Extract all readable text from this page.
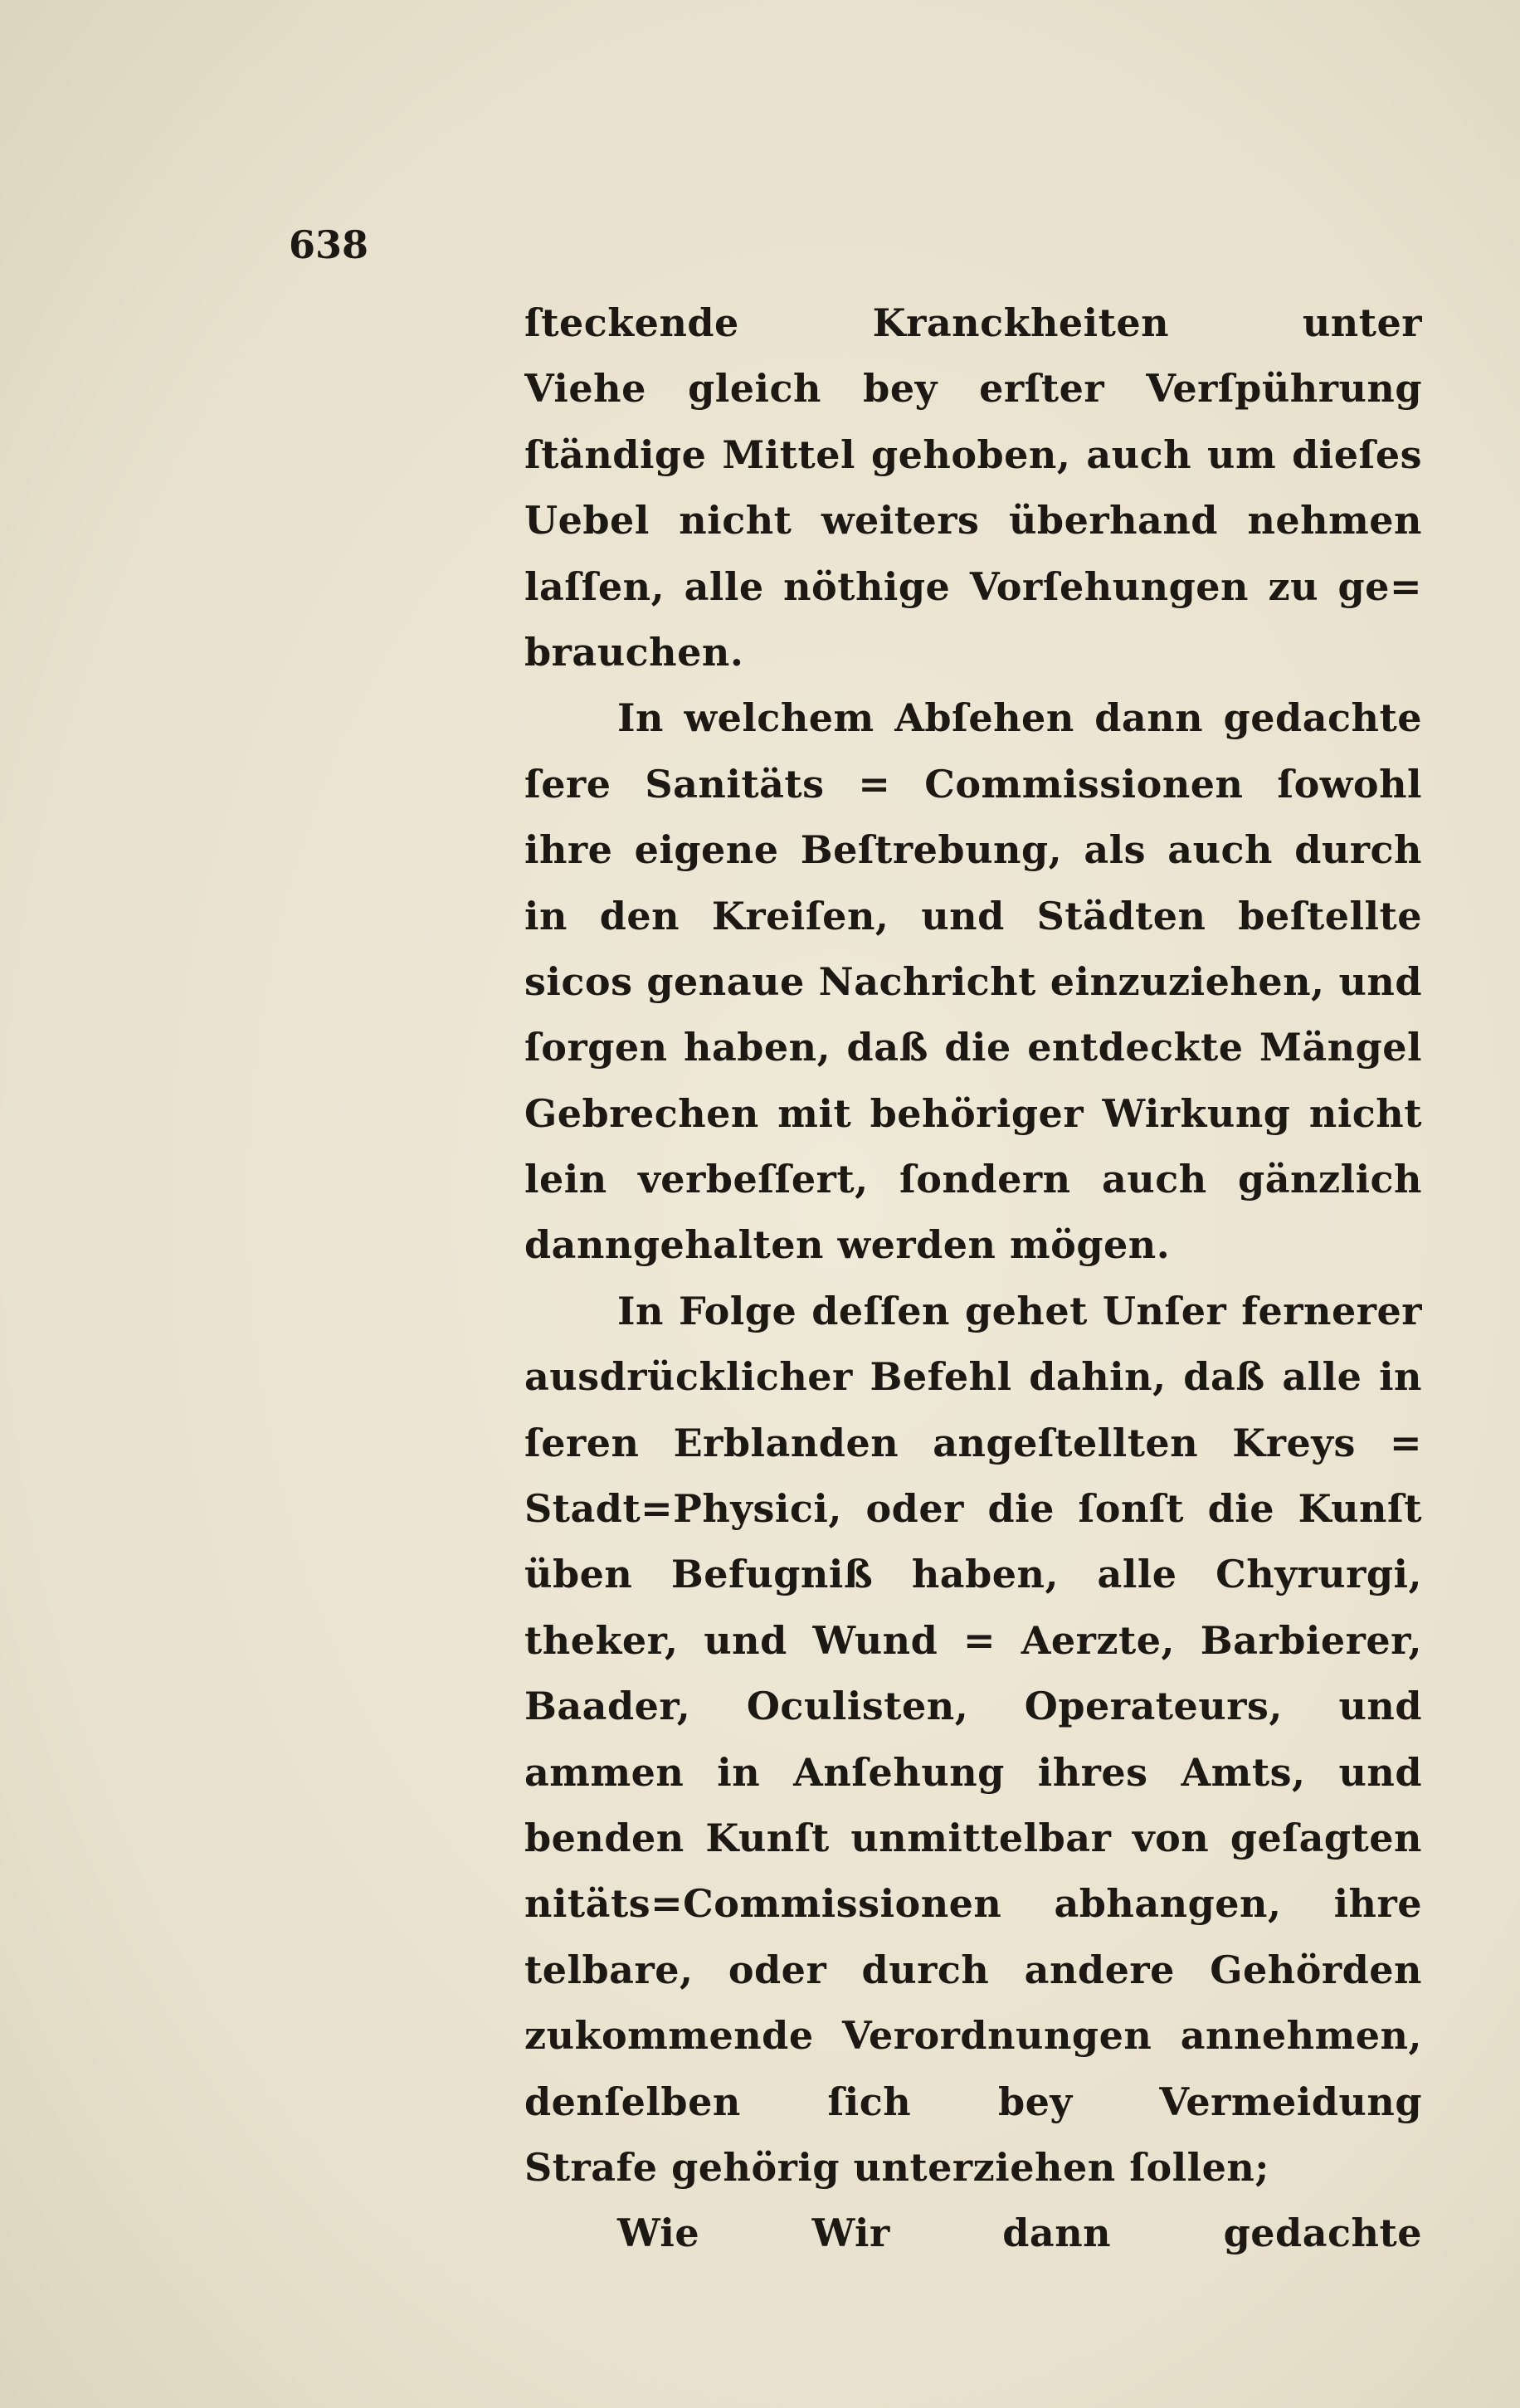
638
ſteckende Kranckheiten unter
Viehe gleich bey erſter Verſpührung
ſtändige Mittel gehoben, auch um dieſes
Uebel nicht weiters überhand nehmen
laſſen, alle nöthige Vorſehungen zu ge=
brauchen.
In welchem Abſehen dann gedachte
ſere Sanitäts = Commissionen ſowohl
ihre eigene Beſtrebung, als auch durch
in den Kreiſen, und Städten beſtellte
sicos genaue Nachricht einzuziehen, und
ſorgen haben, daß die entdeckte Mängel
Gebrechen mit behöriger Wirkung nicht
lein verbeſſert, ſondern auch gänzlich
danngehalten werden mögen.
In Folge deſſen gehet Unſer fernerer
ausdrücklicher Befehl dahin, daß alle in
ſeren Erblanden angeſtellten Kreys =
Stadt=Physici, oder die ſonſt die Kunſt
üben Befugniß haben, alle Chyrurgi,
theker, und Wund = Aerzte, Barbierer,
Baader, Oculisten, Operateurs, und
ammen in Anſehung ihres Amts, und
benden Kunſt unmittelbar von geſagten
nitäts=Commissionen abhangen, ihre
telbare, oder durch andere Gehörden
zukommende Verordnungen annehmen,
denſelben ſich bey Vermeidung
Strafe gehörig unterziehen ſollen;
Wie Wir dann gedachte
